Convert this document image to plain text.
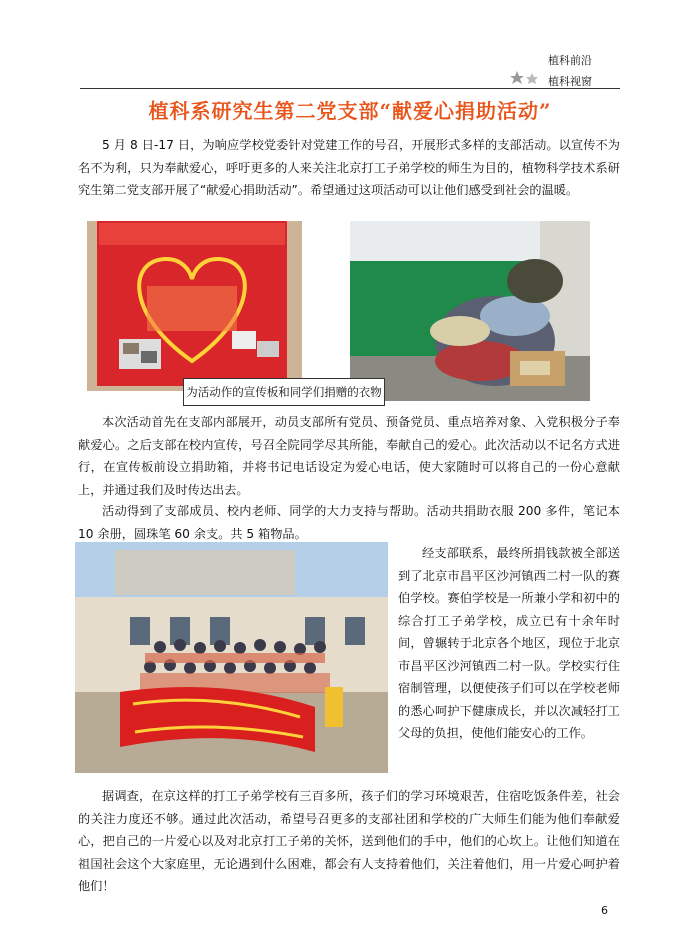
植科前沿
植科视窗
植科系研究生第二党支部“献爱心捐助活动”
5 月 8 日-17 日，为响应学校党委针对党建工作的号召，开展形式多样的支部活动。以宣传不为名不为利，只为奉献爱心，呼吁更多的人来关注北京打工子弟学校的师生为目的，植物科学技术系研究生第二党支部开展了“献爱心捐助活动”。希望通过这项活动可以让他们感受到社会的温暖。
为活动作的宣传板和同学们捐赠的衣物
本次活动首先在支部内部展开，动员支部所有党员、预备党员、重点培养对象、入党积极分子奉献爱心。之后支部在校内宣传，号召全院同学尽其所能，奉献自己的爱心。此次活动以不记名方式进行，在宣传板前设立捐助箱，并将书记电话设定为爱心电话，使大家随时可以将自己的一份心意献上，并通过我们及时传达出去。
活动得到了支部成员、校内老师、同学的大力支持与帮助。活动共捐助衣服 200 多件，笔记本 10 余册，圆珠笔 60 余支。共 5 箱物品。
经支部联系，最终所捐钱款被全部送到了北京市昌平区沙河镇西二村一队的赛伯学校。赛伯学校是一所兼小学和初中的综合打工子弟学校，成立已有十余年时间，曾辗转于北京各个地区，现位于北京市昌平区沙河镇西二村一队。学校实行住宿制管理，以便使孩子们可以在学校老师的悉心呵护下健康成长，并以次减轻打工父母的负担，使他们能安心的工作。
据调查，在京这样的打工子弟学校有三百多所，孩子们的学习环境艰苦，住宿吃饭条件差，社会的关注力度还不够。通过此次活动，希望号召更多的支部社团和学校的广大师生们能为他们奉献爱心，把自己的一片爱心以及对北京打工子弟的关怀，送到他们的手中，他们的心坎上。让他们知道在祖国社会这个大家庭里，无论遇到什么困难，都会有人支持着他们，关注着他们，用一片爱心呵护着他们！
6
